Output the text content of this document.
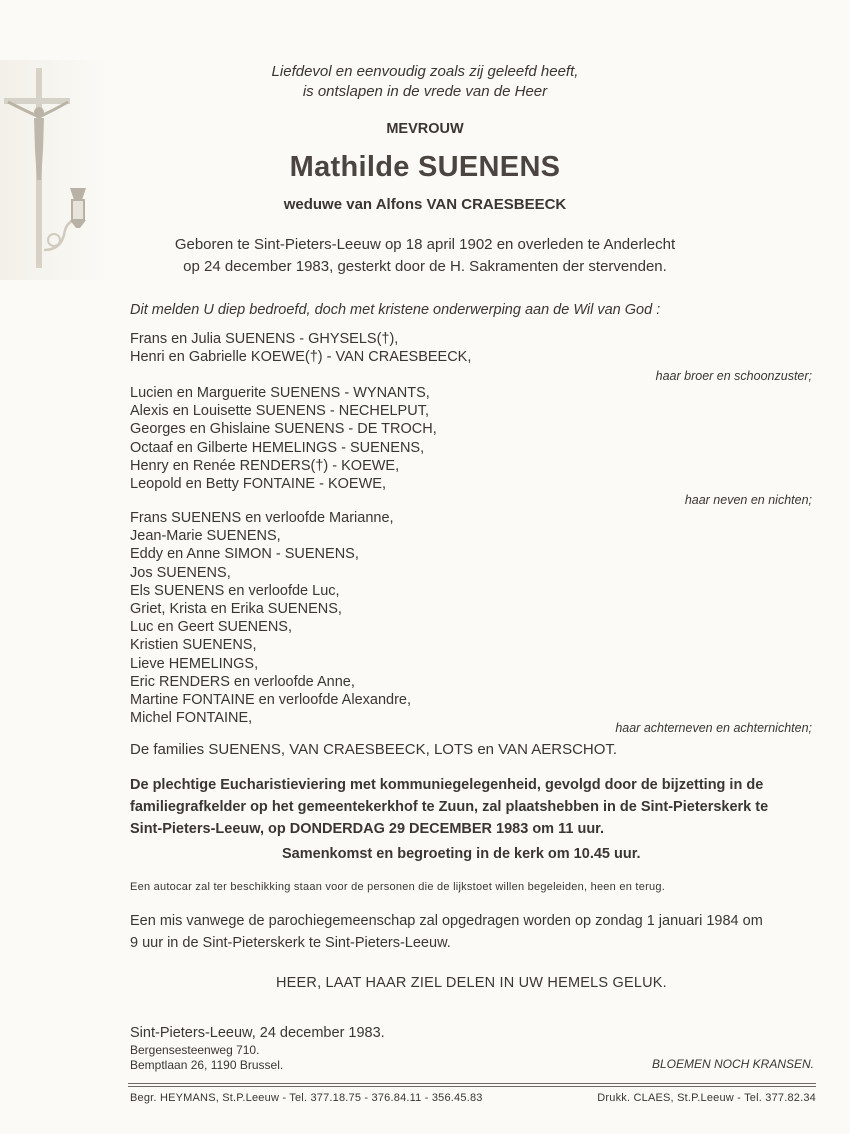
Liefdevol en eenvoudig zoals zij geleefd heeft,
is ontslapen in de vrede van de Heer
MEVROUW
Mathilde SUENENS
weduwe van Alfons VAN CRAESBEECK
Geboren te Sint-Pieters-Leeuw op 18 april 1902 en overleden te Anderlecht
op 24 december 1983, gesterkt door de H. Sakramenten der stervenden.
Dit melden U diep bedroefd, doch met kristene onderwerping aan de Wil van God :
Frans en Julia SUENENS - GHYSELS(†),
Henri en Gabrielle KOEWE(†) - VAN CRAESBEECK,
haar broer en schoonzuster;
Lucien en Marguerite SUENENS - WYNANTS,
Alexis en Louisette SUENENS - NECHELPUT,
Georges en Ghislaine SUENENS - DE TROCH,
Octaaf en Gilberte HEMELINGS - SUENENS,
Henry en Renée RENDERS(†) - KOEWE,
Leopold en Betty FONTAINE - KOEWE,
haar neven en nichten;
Frans SUENENS en verloofde Marianne,
Jean-Marie SUENENS,
Eddy en Anne SIMON - SUENENS,
Jos SUENENS,
Els SUENENS en verloofde Luc,
Griet, Krista en Erika SUENENS,
Luc en Geert SUENENS,
Kristien SUENENS,
Lieve HEMELINGS,
Eric RENDERS en verloofde Anne,
Martine FONTAINE en verloofde Alexandre,
Michel FONTAINE,
haar achterneven en achternichten;
De families SUENENS, VAN CRAESBEECK, LOTS en VAN AERSCHOT.
De plechtige Eucharistieviering met kommuniegelegenheid, gevolgd door de bijzetting in de
familiegrafkelder op het gemeentekerkhof te Zuun, zal plaatshebben in de Sint-Pieterskerk te
Sint-Pieters-Leeuw, op DONDERDAG 29 DECEMBER 1983 om 11 uur.
Samenkomst en begroeting in de kerk om 10.45 uur.
Een autocar zal ter beschikking staan voor de personen die de lijkstoet willen begeleiden, heen en terug.
Een mis vanwege de parochiegemeenschap zal opgedragen worden op zondag 1 januari 1984 om
9 uur in de Sint-Pieterskerk te Sint-Pieters-Leeuw.
HEER, LAAT HAAR ZIEL DELEN IN UW HEMELS GELUK.
Sint-Pieters-Leeuw, 24 december 1983.
Bergensesteenweg 710.
Bemptlaan 26, 1190 Brussel.	BLOEMEN NOCH KRANSEN.
Begr. HEYMANS, St.P.Leeuw - Tel. 377.18.75 - 376.84.11 - 356.45.83	Drukk. CLAES, St.P.Leeuw - Tel. 377.82.34
